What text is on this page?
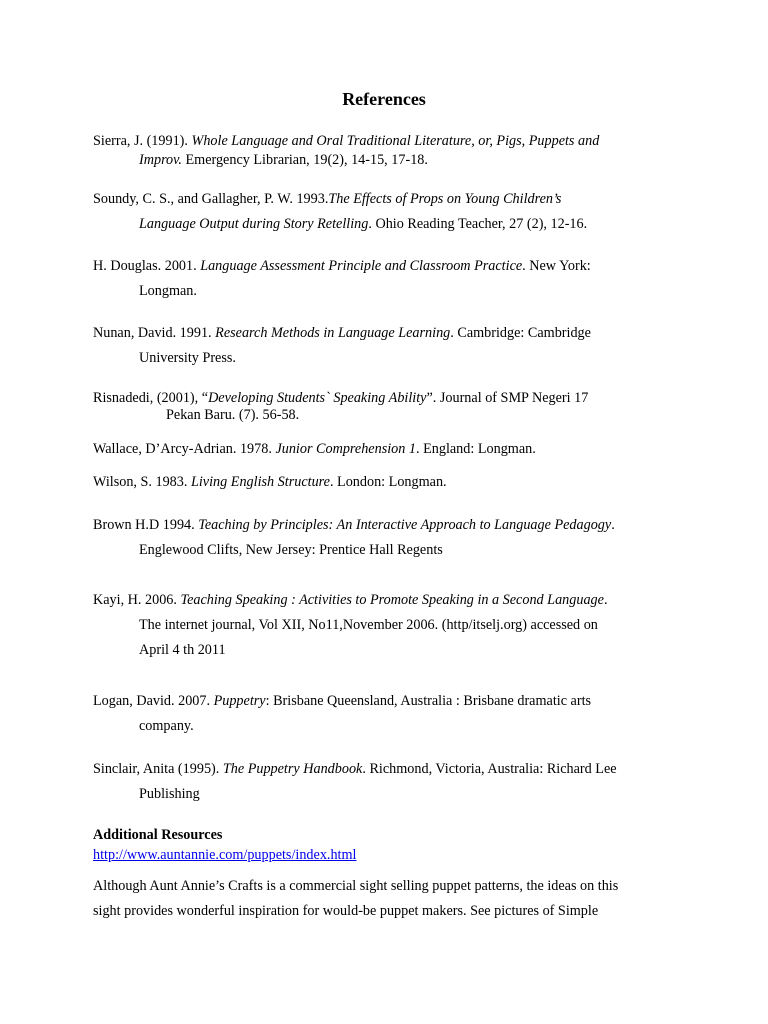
References
Sierra, J. (1991). Whole Language and Oral Traditional Literature, or, Pigs, Puppets and
Improv. Emergency Librarian, 19(2), 14-15, 17-18.
Soundy, C. S., and Gallagher, P. W. 1993.The Effects of Props on Young Children’s
Language Output during Story Retelling. Ohio Reading Teacher, 27 (2), 12-16.
H. Douglas. 2001. Language Assessment Principle and Classroom Practice. New York:
Longman.
Nunan, David. 1991. Research Methods in Language Learning. Cambridge: Cambridge
University Press.
Risnadedi, (2001), “Developing Students` Speaking Ability”. Journal of SMP Negeri 17
Pekan Baru. (7). 56-58.
Wallace, D’Arcy-Adrian. 1978. Junior Comprehension 1. England: Longman.
Wilson, S. 1983. Living English Structure. London: Longman.
Brown H.D 1994. Teaching by Principles: An Interactive Approach to Language Pedagogy.
Englewood Clifts, New Jersey: Prentice Hall Regents
Kayi, H. 2006. Teaching Speaking : Activities to Promote Speaking in a Second Language.
The internet journal, Vol XII, No11,November 2006. (http/itselj.org) accessed on
April 4 th 2011
Logan, David. 2007. Puppetry: Brisbane Queensland, Australia : Brisbane dramatic arts
company.
Sinclair, Anita (1995). The Puppetry Handbook. Richmond, Victoria, Australia: Richard Lee
Publishing
Additional Resources
http://www.auntannie.com/puppets/index.html
Although Aunt Annie’s Crafts is a commercial sight selling puppet patterns, the ideas on this
sight provides wonderful inspiration for would-be puppet makers. See pictures of Simple
